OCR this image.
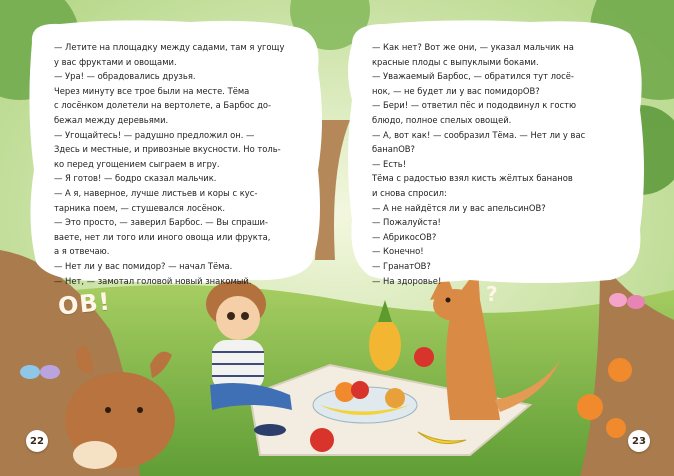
— Летите на площадку между садами, там я угощу

у вас фруктами и овощами.

— Ура! — обрадовались друзья.

Через минуту все трое были на месте. Тёма

с лосёнком долетели на вертолете, а Барбос до-

бежал между деревьями.

— Угощайтесь! — радушно предложил он. —

Здесь и местные, и привозные вкусности. Но толь-

ко перед угощением сыграем в игру.

— Я готов! — бодро сказал мальчик.

— А я, наверное, лучше листьев и коры с кус-

тарника поем, — стушевался лосёнок.

— Это просто, — заверил Барбос. — Вы спраши-

ваете, нет ли того или иного овоща или фрукта,

а я отвечаю.

— Нет ли у вас помидор? — начал Тёма.

— Нет, — замотал головой новый знакомый.

— Как нет? Вот же они, — указал мальчик на

красные плоды с выпуклыми боками.

— Уважаемый Барбос, — обратился тут лосё-

нок, — не будет ли у вас помидорОВ?

— Бери! — ответил пёс и пододвинул к гостю

блюдо, полное спелых овощей.

— А, вот как! — сообразил Тёма. — Нет ли у вас

банаnОВ?

— Есть!

Тёма с радостью взял кисть жёлтых бананов

и снова спросил:

— А не найдётся ли у вас апельсинОВ?

— Пожалуйста!

— АбрикосОВ?

— Конечно!

— ГранатОВ?

— На здоровье!

ОВ!	?
22	23
